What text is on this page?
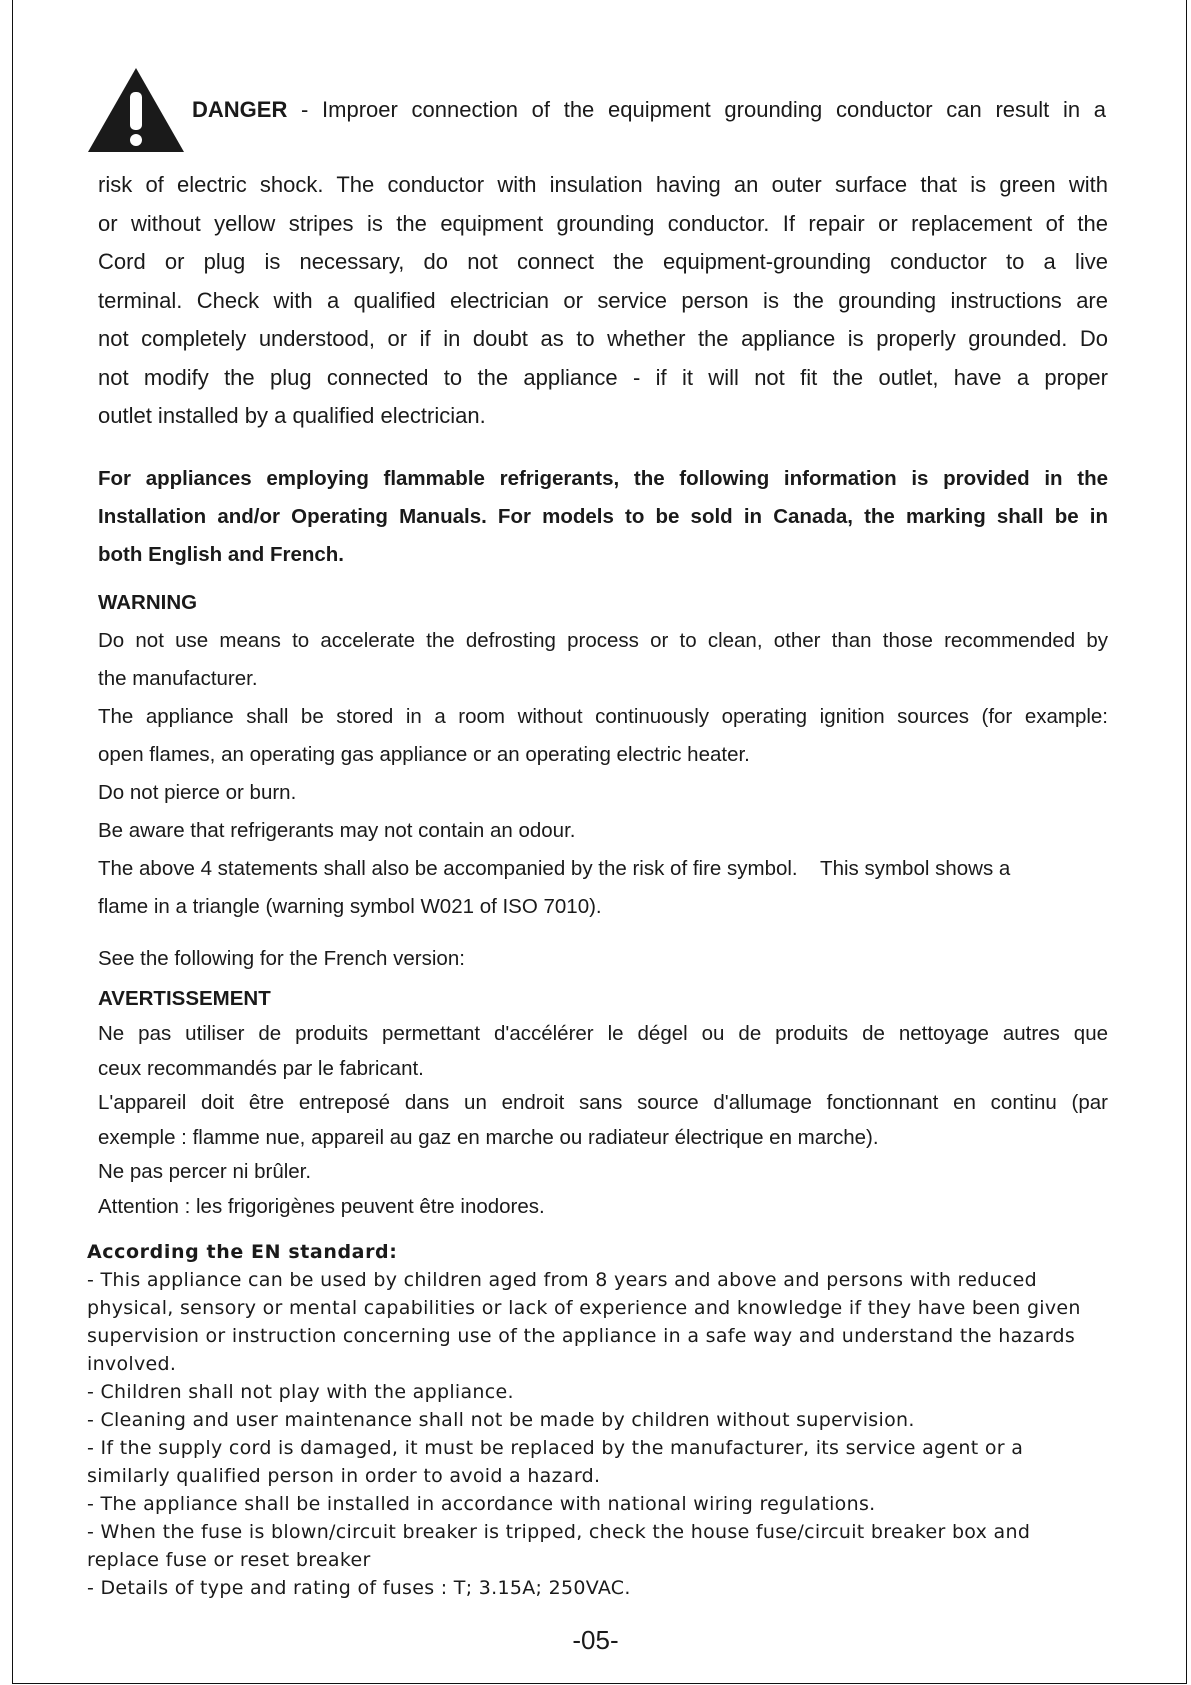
DANGER - Improer connection of the equipment grounding conductor can result in a
risk of electric shock. The conductor with insulation having an outer surface that is green with
or without yellow stripes is the equipment grounding conductor. If repair or replacement of the
Cord or plug is necessary, do not connect the equipment-grounding conductor to a live
terminal. Check with a qualified electrician or service person is the grounding instructions are
not completely understood, or if in doubt as to whether the appliance is properly grounded. Do
not modify the plug connected to the appliance - if it will not fit the outlet, have a proper
outlet installed by a qualified electrician.
For appliances employing flammable refrigerants, the following information is provided in the
Installation and/or Operating Manuals. For models to be sold in Canada, the marking shall be in
both English and French.
WARNING
Do not use means to accelerate the defrosting process or to clean, other than those recommended by
the manufacturer.
The appliance shall be stored in a room without continuously operating ignition sources (for example:
open flames, an operating gas appliance or an operating electric heater.
Do not pierce or burn.
Be aware that refrigerants may not contain an odour.
The above 4 statements shall also be accompanied by the risk of fire symbol.    This symbol shows a
flame in a triangle (warning symbol W021 of ISO 7010).
See the following for the French version:
AVERTISSEMENT
Ne pas utiliser de produits permettant d'accélérer le dégel ou de produits de nettoyage autres que
ceux recommandés par le fabricant.
L'appareil doit être entreposé dans un endroit sans source d'allumage fonctionnant en continu (par
exemple : flamme nue, appareil au gaz en marche ou radiateur électrique en marche).
Ne pas percer ni brûler.
Attention : les frigorigènes peuvent être inodores.
According the EN standard:
- This appliance can be used by children aged from 8 years and above and persons with reduced
physical, sensory or mental capabilities or lack of experience and knowledge if they have been given
supervision or instruction concerning use of the appliance in a safe way and understand the hazards
involved.
- Children shall not play with the appliance.
- Cleaning and user maintenance shall not be made by children without supervision.
- If the supply cord is damaged, it must be replaced by the manufacturer, its service agent or a
similarly qualified person in order to avoid a hazard.
- The appliance shall be installed in accordance with national wiring regulations.
- When the fuse is blown/circuit breaker is tripped, check the house fuse/circuit breaker box and
replace fuse or reset breaker
- Details of type and rating of fuses : T; 3.15A; 250VAC.
-05-
